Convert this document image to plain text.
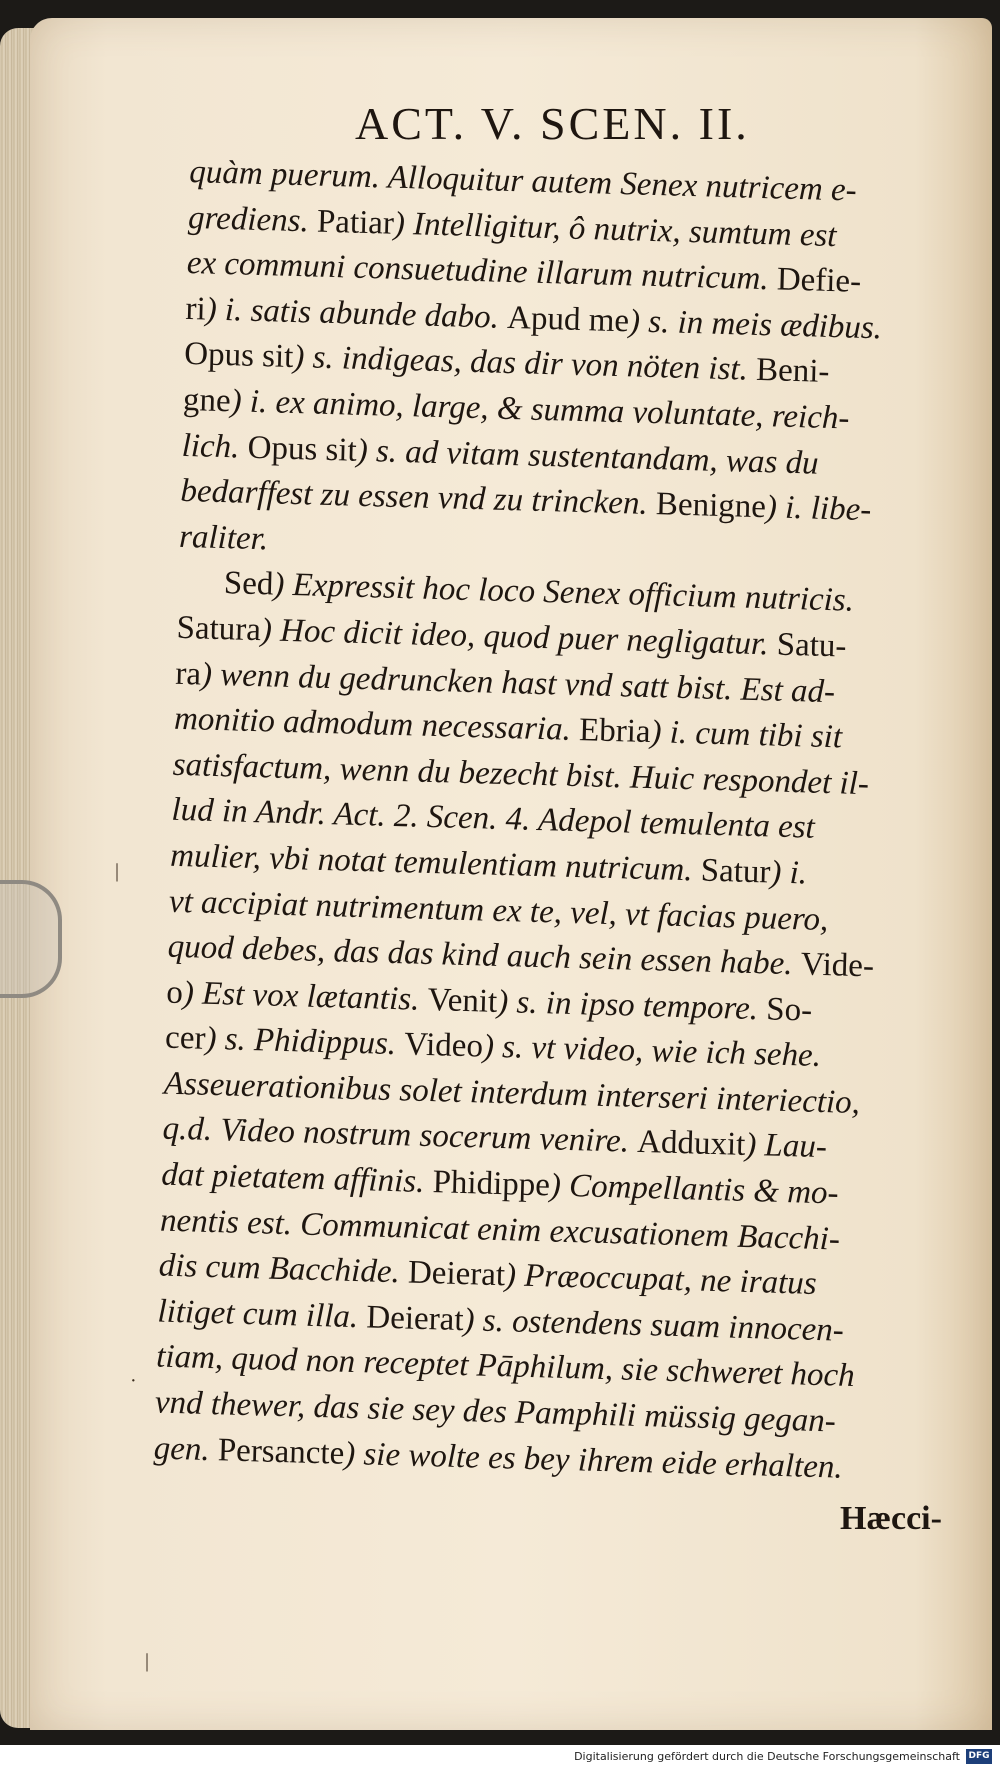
|
·
|
ACT. V. SCEN. II.
quàm puerum. Alloquitur autem Senex nutricem e-
grediens. Patiar) Intelligitur, ô nutrix, sumtum est
ex communi consuetudine illarum nutricum. Defie-
ri) i. satis abunde dabo. Apud me) s. in meis ædibus.
Opus sit) s. indigeas, das dir von nöten ist. Beni-
gne) i. ex animo, large, & summa voluntate, reich-
lich. Opus sit) s. ad vitam sustentandam, was du
bedarffest zu essen vnd zu trincken. Benigne) i. libe-
raliter.
Sed) Expressit hoc loco Senex officium nutricis.
Satura) Hoc dicit ideo, quod puer negligatur. Satu-
ra) wenn du gedruncken hast vnd satt bist. Est ad-
monitio admodum necessaria. Ebria) i. cum tibi sit
satisfactum, wenn du bezecht bist. Huic respondet il-
lud in Andr. Act. 2. Scen. 4. Adepol temulenta est
mulier, vbi notat temulentiam nutricum. Satur) i.
vt accipiat nutrimentum ex te, vel, vt facias puero,
quod debes, das das kind auch sein essen habe. Vide-
o) Est vox lætantis. Venit) s. in ipso tempore. So-
cer) s. Phidippus. Video) s. vt video, wie ich sehe.
Asseuerationibus solet interdum interseri interiectio,
q.d. Video nostrum socerum venire. Adduxit) Lau-
dat pietatem affinis. Phidippe) Compellantis & mo-
nentis est. Communicat enim excusationem Bacchi-
dis cum Bacchide. Deierat) Præoccupat, ne iratus
litiget cum illa. Deierat) s. ostendens suam innocen-
tiam, quod non receptet Pāphilum, sie schweret hoch
vnd thewer, das sie sey des Pamphili müssig gegan-
gen. Persancte) sie wolte es bey ihrem eide erhalten.
Hæcci-
Digitalisierung gefördert durch die Deutsche Forschungsgemeinschaft DFG
